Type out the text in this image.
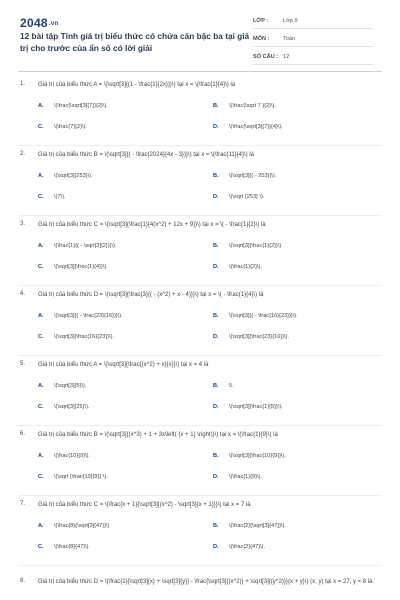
2048.vn
12 bài tập Tính giá trị biểu thức có chứa căn bậc ba tại giá trị cho trước của ẩn số có lời giải
LỚP :	Lớp 9
MÔN : Toán
SỐ CÂU : 12
1. Giá trị của biểu thức A = \(\sqrt[3]{(1 - \frac{1}{2x})}\) tại x = \(\frac{1}{4}\) là
A. \(\frac{\sqrt[3]{7}}{2}\).	B. \(\frac{\sqrt 7 }{2}\).
C. \(\frac{7}{2}\).	D. \(\frac{\sqrt[3]{7}}{4}\).
2. Giá trị của biểu thức B = \(\sqrt[3]{( - \frac{2024}{4x - 3})}\) tại x = \(\frac{11}{4}\) là
A. \(\sqrt[3]{253}\).	B. \(\sqrt[3]{( - 253)}\).
C. \(7\).	D. \(\sqrt {253} \).
3. Giá trị của biểu thức C = \(\sqrt[3]{\frac{1}{4(x^2) + 12x + 9}}\) tại x = \( - \frac{1}{2}\) là
A. \(\frac{1}{( - \sqrt[3]{2})}\).	B. \(\sqrt[3]{\frac{1}{2}}\).
C. \(\sqrt[3]{\frac{1}{4}}\).	D. \(\frac{1}{2}\).
4. Giá trị của biểu thức D = \(\sqrt[3]{\frac{3}{( - (x^2) + x - 4)}}\) tại x = \( - \frac{1}{4}\) là
A. \(\sqrt[3]{( - \frac{23}{16})}\).	B. \(\sqrt[3]{( - \frac{16}{23})}\).
C. \(\sqrt[3]{\frac{16}{23}}\).	D. \(\sqrt[3]{\frac{23}{16}}\).
5. Giá trị của biểu thức A = \(\sqrt[3]{\frac{(x^2) + x}{x}}\) tại x = 4 là
A. \(\sqrt[3]{5}\).	B. 5.
C. \(\sqrt[3]{25}\).	D. \(\sqrt[3]{\frac{1}{5}}\).
6. Giá trị của biểu thức B = \(\sqrt[3]{(x^3) + 1 + 3x\left( {x + 1} \right)}\) tại x = \(\frac{1}{9}\) là
A. \(\frac{10}{9}\).	B. \(\sqrt[3]{\frac{10}{9}}\).
C. \(\sqrt {\frac{10}{9}} \).	D. \(\frac{1}{9}\).
7. Giá trị của biểu thức C = \(\frac{x + 1}{\sqrt[3]{(x^2) - \sqrt[3]{x + 1}}}\) tại x = 7 là
A. \(\frac{8}{\sqrt[3]{47}}\)	B. \(\frac{2}{\sqrt[3]{47}}\).
C. \(\frac{8}{47}\).	D. \(\frac{2}{47}\).
8. Giá trị của biểu thức D = \(\frac{1}{\sqrt[3]{x} + \sqrt[3]{y}} - \frac{\sqrt[3]{(x^2)} + \sqrt[3]{(y^2)}}{x + y}\) (x, y) tại x = 27, y = 8 là
